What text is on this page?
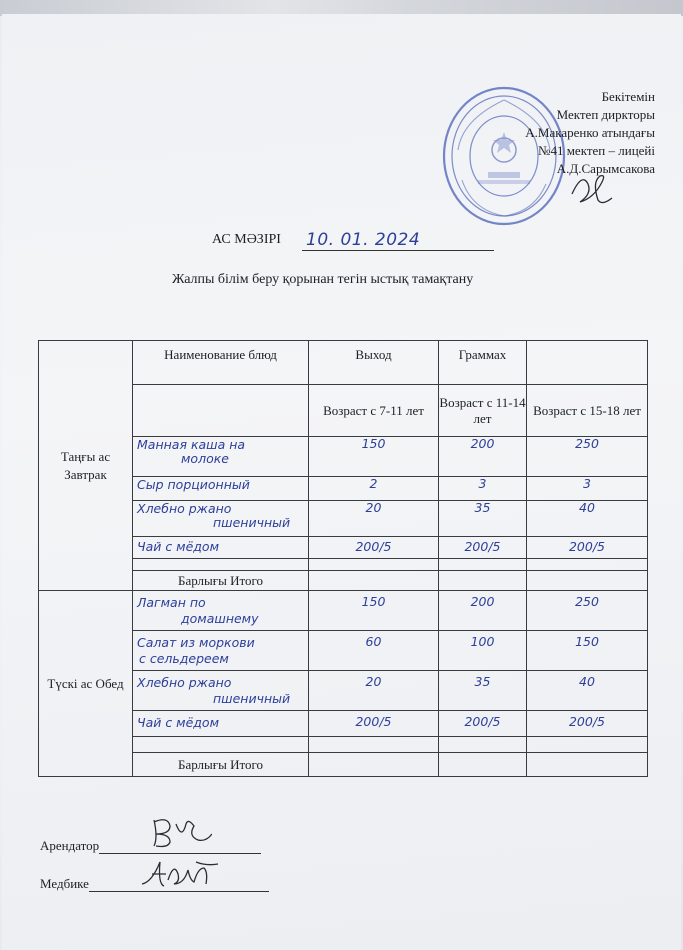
Бекітемін
Мектеп диркторы
А.Макаренко атындағы
№41 мектеп – лицейі
А.Д.Сарымсакова
АС МӘЗІРІ 10. 01. 2024
Жалпы білім беру қорынан тегін ыстық тамақтану
Таңғы ас Завтрак	Наименование блюд	Выход	Граммах	
		Возраст с 7-11 лет	Возраст с 11-14 лет	Возраст с 15-18 лет

	Манная каша на
молоке	150	200	250

	Сыр порционный	2	3	3

	Хлебно ржано
пшеничный	20	35	40

	Чай с мёдом	200/5	200/5	200/5

	Барлығы Итого			
Түскі ас Обед	Лагман по
домашнему	150	200	250

	Салат из моркови
с сельдереем	60	100	150

	Хлебно ржано
пшеничный	20	35	40

	Чай с мёдом	200/5	200/5	200/5

	Барлығы Итого			
Арендатор
Медбике
